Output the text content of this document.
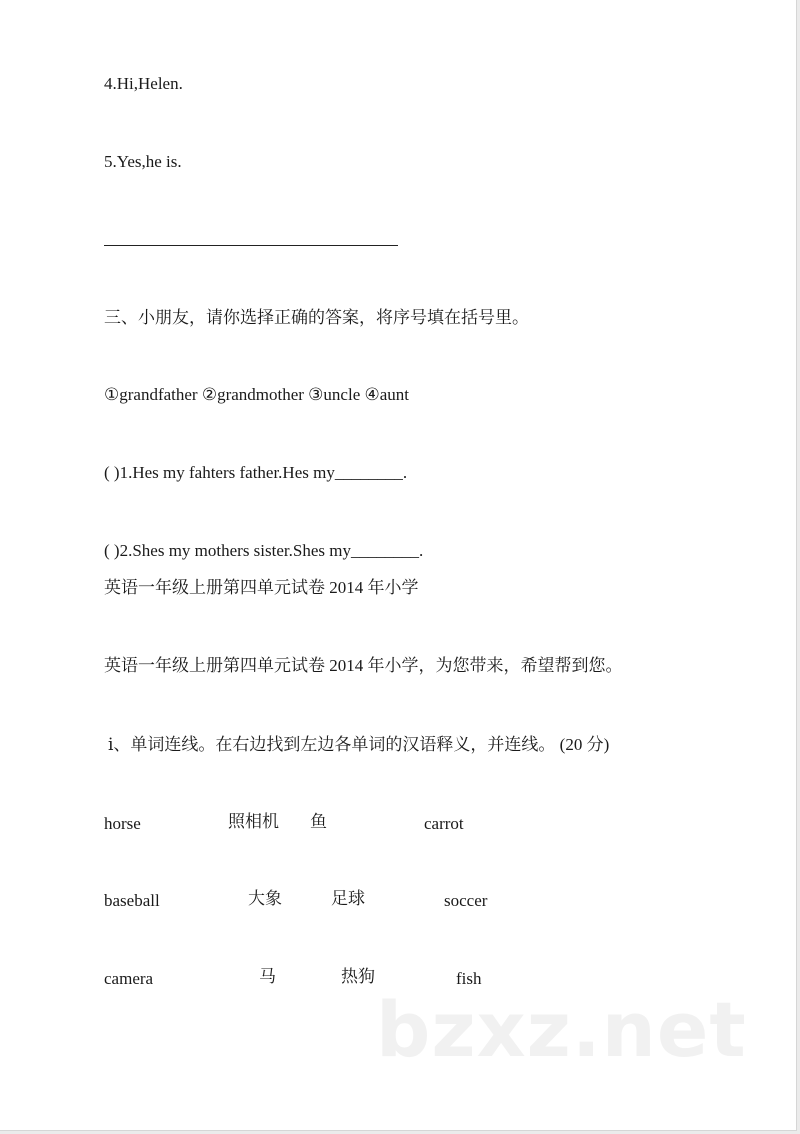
4.Hi,Helen.
5.Yes,he is.
三、小朋友，请你选择正确的答案，将序号填在括号里。
①grandfather ②grandmother ③uncle ④aunt
( )1.Hes my fahters father.Hes my________.
( )2.Shes my mothers sister.Shes my________.
英语一年级上册第四单元试卷 2014 年小学
英语一年级上册第四单元试卷 2014 年小学，为您带来，希望帮到您。
ⅰ、单词连线。在右边找到左边各单词的汉语释义，并连线。 (20 分)
horse	照相机 鱼	carrot
baseball	大象	足球	soccer
camera	马	热狗	fish
bzxz.net
